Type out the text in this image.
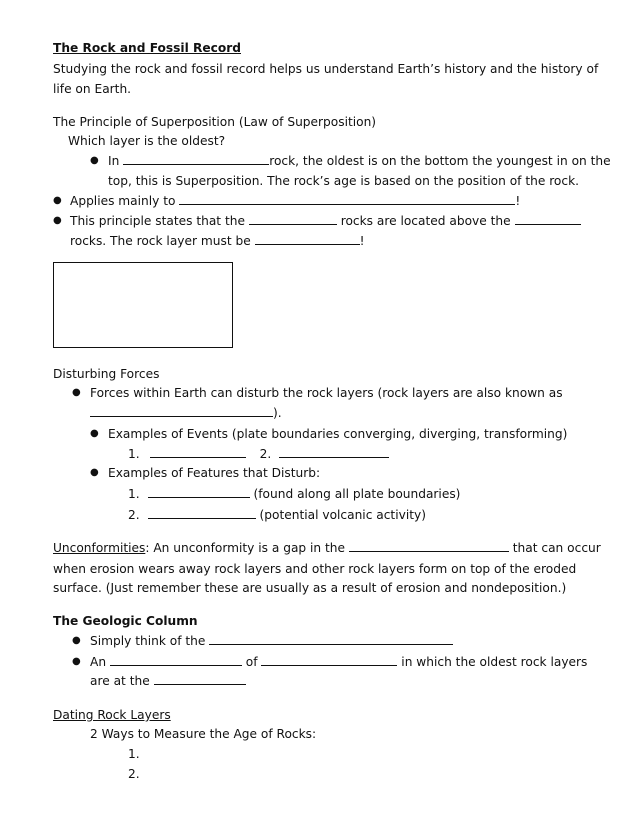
The Rock and Fossil Record
Studying the rock and fossil record helps us understand Earth’s history and the history of
life on Earth.
The Principle of Superposition (Law of Superposition)
Which layer is the oldest?
● In	rock, the oldest is on the bottom the youngest in on the
top, this is Superposition. The rock’s age is based on the position of the rock.
● Applies mainly to	!
● This principle states that the	rocks are located above the
rocks. The rock layer must be	!
Disturbing Forces
● Forces within Earth can disturb the rock layers (rock layers are also known as
).
● Examples of Events (plate boundaries converging, diverging, transforming)
1.	2.
● Examples of Features that Disturb:
1.	(found along all plate boundaries)
2.	(potential volcanic activity)
Unconformities: An unconformity is a gap in the	that can occur
when erosion wears away rock layers and other rock layers form on top of the eroded
surface. (Just remember these are usually as a result of erosion and nondeposition.)
The Geologic Column
● Simply think of the
● An	of	in which the oldest rock layers
are at the
Dating Rock Layers
2 Ways to Measure the Age of Rocks:
1.
2.
